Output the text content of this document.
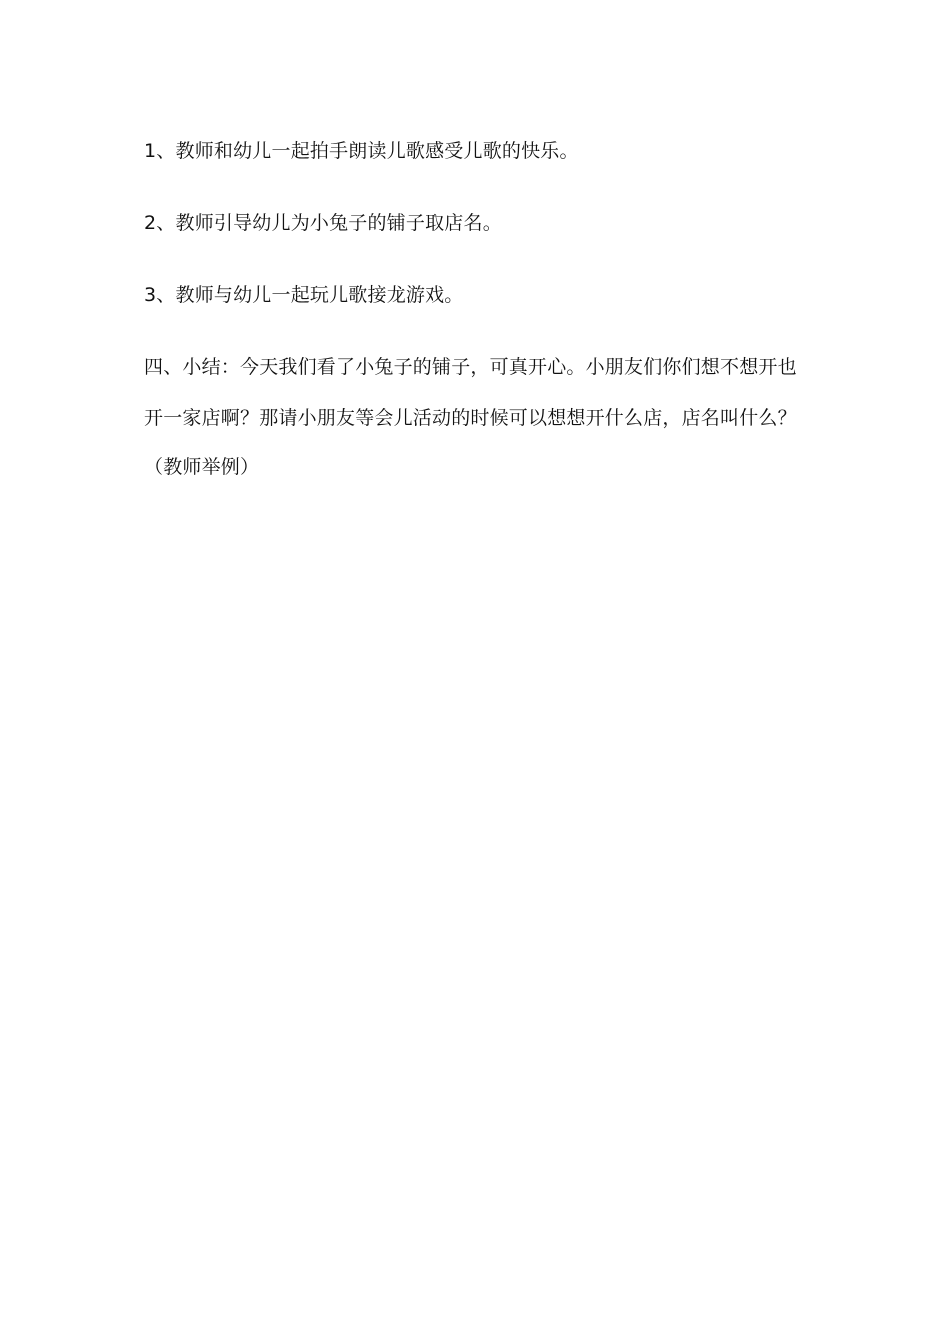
1、教师和幼儿一起拍手朗读儿歌感受儿歌的快乐。
2、教师引导幼儿为小兔子的铺子取店名。
3、教师与幼儿一起玩儿歌接龙游戏。
四、小结：今天我们看了小兔子的铺子，可真开心。小朋友们你们想不想开也
开一家店啊？那请小朋友等会儿活动的时候可以想想开什么店，店名叫什么？
（教师举例）
